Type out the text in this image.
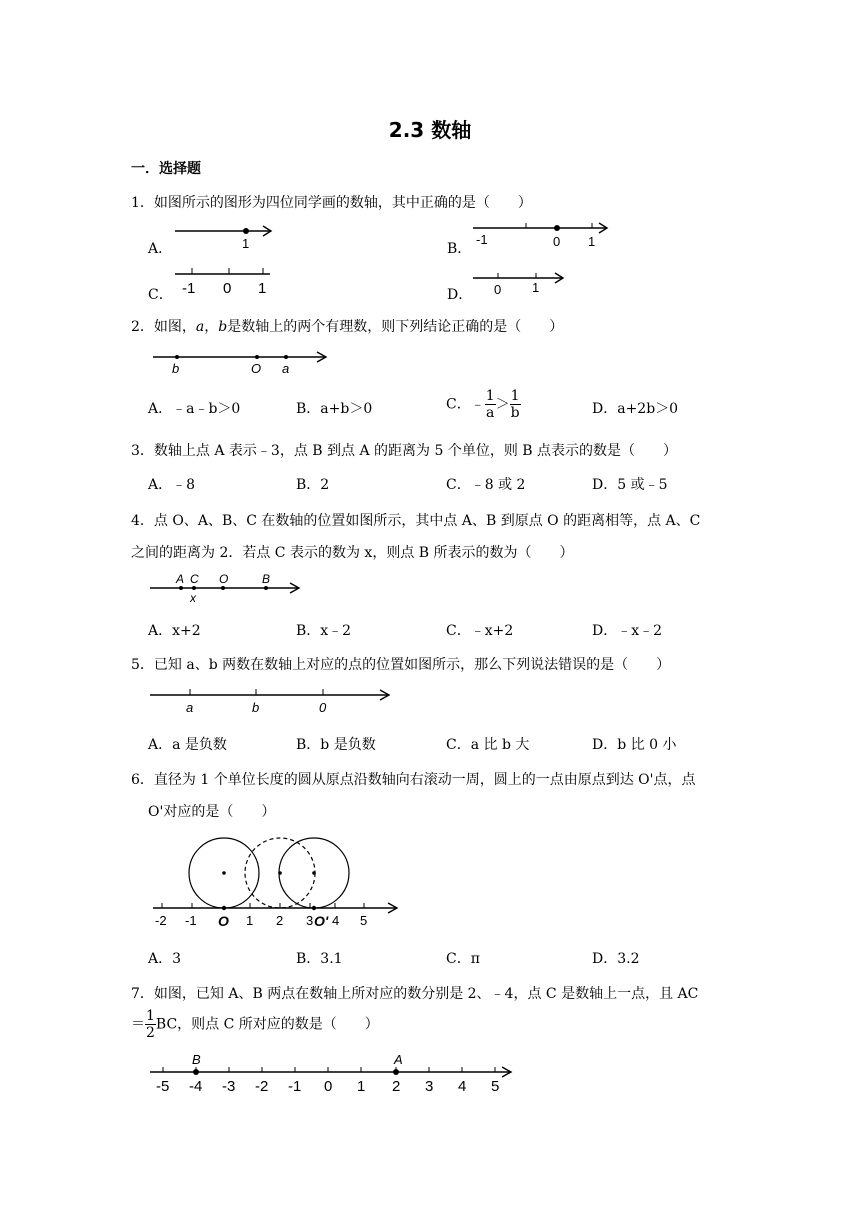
2.3 数轴
一．选择题
1．如图所示的图形为四位同学画的数轴，其中正确的是（　　）
A．	1	B．
-1	0 1
C． -1 0 1	D． 0 1
2．如图，a，b是数轴上的两个有理数，则下列结论正确的是（　　）
b	O a
A．﹣a﹣b＞0	B．a+b＞0	C．﹣ $\frac{1}{a} > \frac{1}{b}$	D．a+2b＞0
3．数轴上点 A 表示﹣3，点 B 到点 A 的距离为 5 个单位，则 B 点表示的数是（　　）
A．﹣8	B．2	C．﹣8 或 2	D．5 或﹣5
4．点 O、A、B、C 在数轴的位置如图所示，其中点 A、B 到原点 O 的距离相等，点 A、C
之间的距离为 2．若点 C 表示的数为 x，则点 B 所表示的数为（　　）
A C O	B
x
A．x+2	B．x﹣2	C．﹣x+2	D．﹣x﹣2
5．已知 a、b 两数在数轴上对应的点的位置如图所示，那么下列说法错误的是（　　）
a	b	0
A．a 是负数	B．b 是负数	C．a 比 b 大	D．b 比 0 小
6．直径为 1 个单位长度的圆从原点沿数轴向右滚动一周，圆上的一点由原点到达 O'点，点
O'对应的是（　　）
-2 -1 O 1 2 3 O' 4 5
A．3	B．3.1	C．π	D．3.2
7．如图，已知 A、B 两点在数轴上所对应的数分别是 2、﹣4，点 C 是数轴上一点，且 AC
＝ $\frac{1}{2}$ BC，则点 C 所对应的数是（　　）
B	A
-5 -4 -3 -2 -1 0 1 2 3 4 5
